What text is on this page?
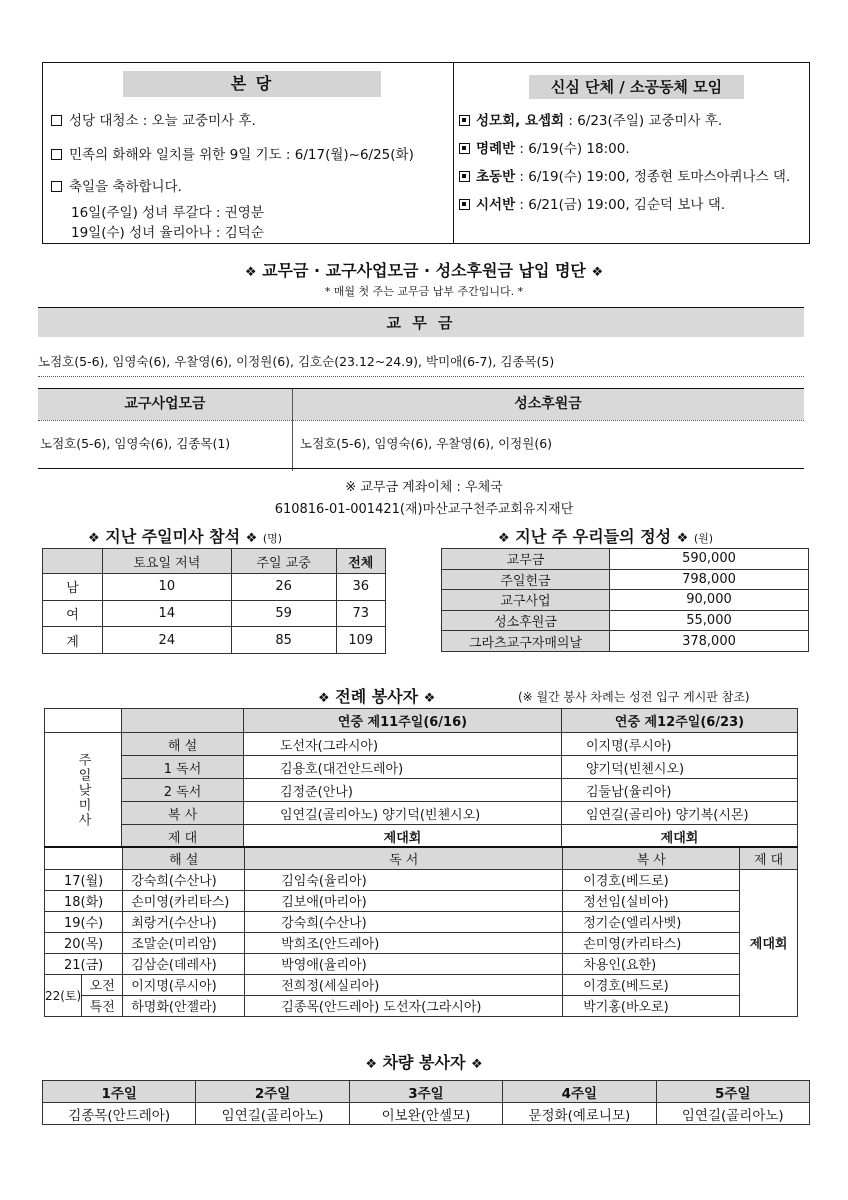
본 당
성당 대청소 : 오늘 교중미사 후.
민족의 화해와 일치를 위한 9일 기도 : 6/17(월)~6/25(화)
축일을 축하합니다.
16일(주일) 성녀 루갈다 : 권영분
19일(수) 성녀 율리아나 : 김덕순
신심 단체 / 소공동체 모임
성모회, 요셉회 : 6/23(주일) 교중미사 후.
명례반 : 6/19(수) 18:00.
초동반 : 6/19(수) 19:00, 정종현 토마스아퀴나스 댁.
시서반 : 6/21(금) 19:00, 김순덕 보나 댁.
❖ 교무금 · 교구사업모금 · 성소후원금 납입 명단 ❖
* 매월 첫 주는 교무금 납부 주간입니다. *
교 무 금
노점호(5-6), 임영숙(6), 우찰영(6), 이정원(6), 김호순(23.12~24.9), 박미애(6-7), 김종목(5)
교구사업모금	성소후원금
노점호(5-6), 임영숙(6), 김종목(1)	노점호(5-6), 임영숙(6), 우찰영(6), 이정원(6)
※ 교무금 계좌이체 : 우체국
610816-01-001421(재)마산교구천주교회유지재단
❖ 지난 주일미사 참석 ❖ (명)
	토요일 저녁	주일 교중	전체
남	10	26	36
여	14	59	73
계	24	85	109
❖ 지난 주 우리들의 정성 ❖ (원)
교무금	590,000
주일헌금	798,000
교구사업	90,000
성소후원금	55,000
그라츠교구자매의날	378,000
❖ 전례 봉사자 ❖	(※ 월간 봉사 차례는 성전 입구 게시판 참조)
		연중 제11주일(6/16)	연중 제12주일(6/23)
주일낮미사	해 설	도선자(그라시아)	이지명(루시아)
	1 독서	김용호(대건안드레아)	양기덕(빈첸시오)
	2 독서	김정준(안나)	김둘남(율리아)
	복 사	임연길(골리아노) 양기덕(빈첸시오)	임연길(골리아) 양기복(시몬)
	제 대	제대회	제대회
		해 설	독 서	복 사	제 대
17(월)		강숙희(수산나)	김임숙(율리아)	이경호(베드로)	제대회
18(화)		손미영(카리타스)	김보애(마리아)	정선임(실비아)	
19(수)		최랑거(수산나)	강숙희(수산나)	정기순(엘리사벳)	
20(목)		조말순(미리암)	박희조(안드레아)	손미영(카리타스)	
21(금)		김삼순(데레사)	박영애(율리아)	차용인(요한)	
22(토)	오전	이지명(루시아)	전희정(세실리아)	이경호(베드로)	
	특전	하명화(안젤라)	김종목(안드레아) 도선자(그라시아)	박기홍(바오로)	
❖ 차량 봉사자 ❖
1주일	2주일	3주일	4주일	5주일
김종목(안드레아)	임연길(골리아노)	이보완(안셀모)	문정화(예로니모)	임연길(골리아노)
